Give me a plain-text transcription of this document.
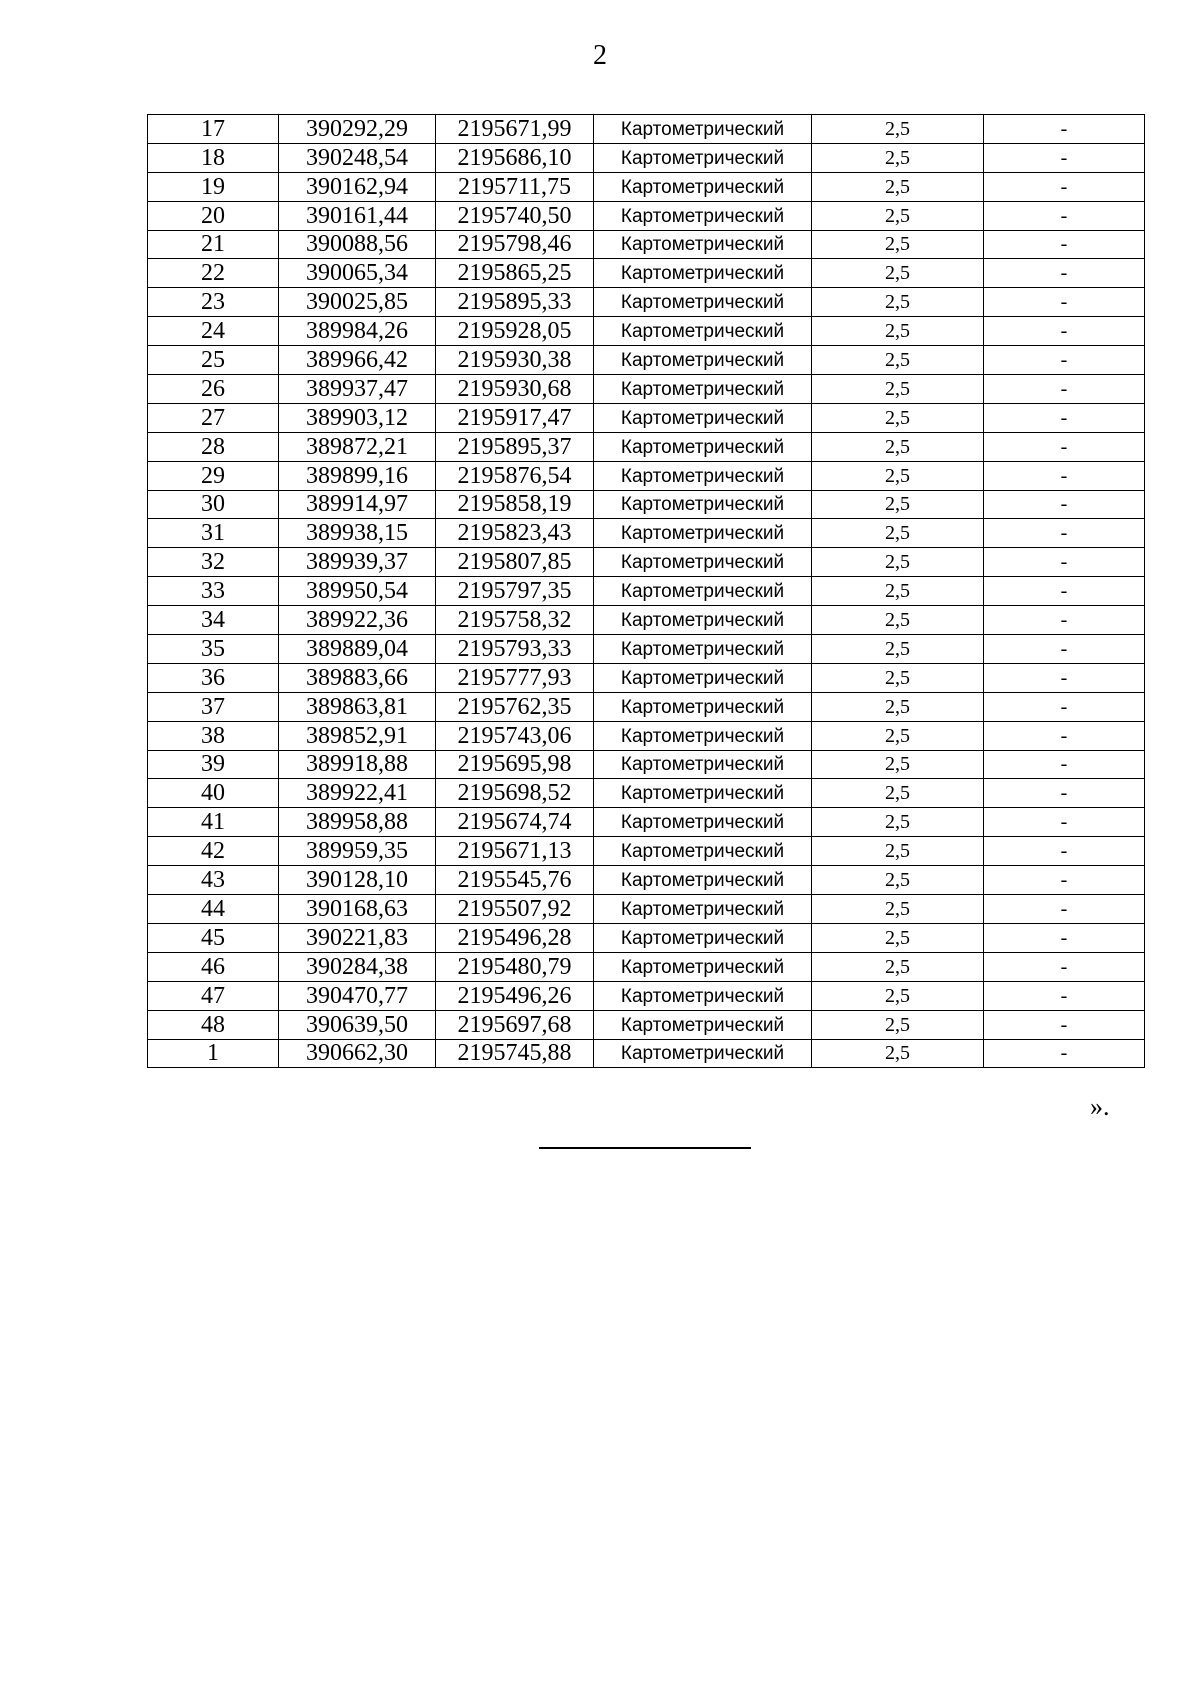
2
17	390292,29	2195671,99	Картометрический	2,5	-
18	390248,54	2195686,10	Картометрический	2,5	-
19	390162,94	2195711,75	Картометрический	2,5	-
20	390161,44	2195740,50	Картометрический	2,5	-
21	390088,56	2195798,46	Картометрический	2,5	-
22	390065,34	2195865,25	Картометрический	2,5	-
23	390025,85	2195895,33	Картометрический	2,5	-
24	389984,26	2195928,05	Картометрический	2,5	-
25	389966,42	2195930,38	Картометрический	2,5	-
26	389937,47	2195930,68	Картометрический	2,5	-
27	389903,12	2195917,47	Картометрический	2,5	-
28	389872,21	2195895,37	Картометрический	2,5	-
29	389899,16	2195876,54	Картометрический	2,5	-
30	389914,97	2195858,19	Картометрический	2,5	-
31	389938,15	2195823,43	Картометрический	2,5	-
32	389939,37	2195807,85	Картометрический	2,5	-
33	389950,54	2195797,35	Картометрический	2,5	-
34	389922,36	2195758,32	Картометрический	2,5	-
35	389889,04	2195793,33	Картометрический	2,5	-
36	389883,66	2195777,93	Картометрический	2,5	-
37	389863,81	2195762,35	Картометрический	2,5	-
38	389852,91	2195743,06	Картометрический	2,5	-
39	389918,88	2195695,98	Картометрический	2,5	-
40	389922,41	2195698,52	Картометрический	2,5	-
41	389958,88	2195674,74	Картометрический	2,5	-
42	389959,35	2195671,13	Картометрический	2,5	-
43	390128,10	2195545,76	Картометрический	2,5	-
44	390168,63	2195507,92	Картометрический	2,5	-
45	390221,83	2195496,28	Картометрический	2,5	-
46	390284,38	2195480,79	Картометрический	2,5	-
47	390470,77	2195496,26	Картометрический	2,5	-
48	390639,50	2195697,68	Картометрический	2,5	-
1	390662,30	2195745,88	Картометрический	2,5	-
».
